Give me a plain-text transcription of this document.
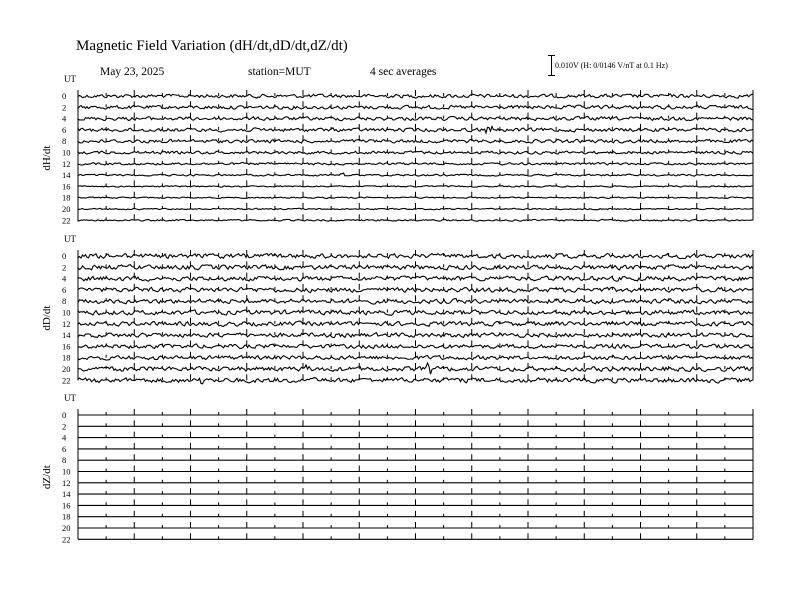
Magnetic Field Variation (dH/dt,dD/dt,dZ/dt)
May 23, 2025	station=MUT	4 sec averages
0.010V (H: 0/0146 V/nT at 0.1 Hz)
UT
dH/dt
0
2
4
6
8
10
12
14
16
18
20
22
UT
dD/dt
0
2
4
6
8
10
12
14
16
18
20
22
UT
dZ/dt
0
2
4
6
8
10
12
14
16
18
20
22
